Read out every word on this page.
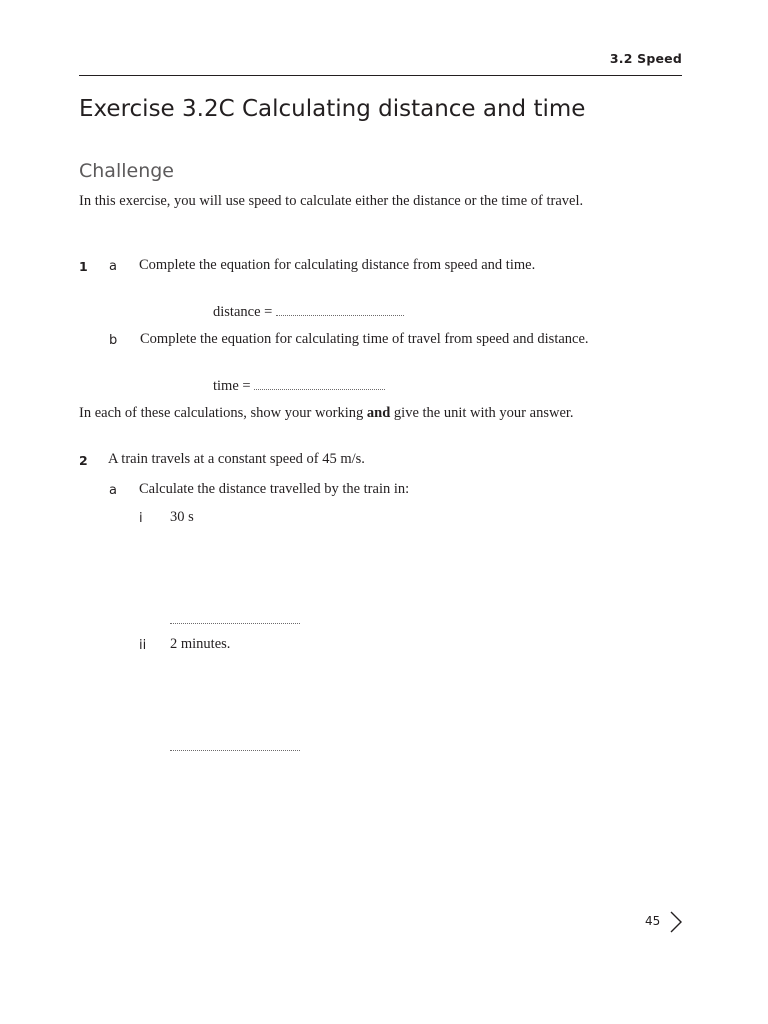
3.2 Speed
Exercise 3.2C Calculating distance and time
Challenge
In this exercise, you will use speed to calculate either the distance or the time of travel.
1 a Complete the equation for calculating distance from speed and time.
distance =
b Complete the equation for calculating time of travel from speed and distance.
time =
In each of these calculations, show your working and give the unit with your answer.
2 A train travels at a constant speed of 45 m/s.
a Calculate the distance travelled by the train in:
i 30 s
ii 2 minutes.
45
